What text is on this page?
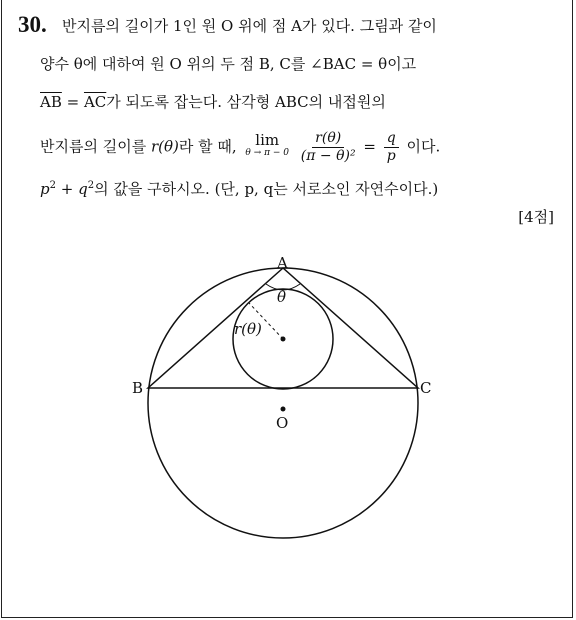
30. 반지름의 길이가 1인 원 O 위에 점 A가 있다. 그림과 같이
양수 θ에 대하여 원 O 위의 두 점 B, C를 ∠BAC = θ이고
$\overline{AB} = \overline{AC}$가 되도록 잡는다. 삼각형 ABC의 내접원의
반지름의 길이를 r(θ)라 할 때, lim
θ → π − 0
$\frac{r(\theta)}{\text{(π − θ)²}} = \frac{q}{p}$ 이다.
$p^2 + q^2$의 값을 구하시오. (단, p, q는 서로소인 자연수이다.)
[4점]
A
B	C
O
θ
r(θ)
